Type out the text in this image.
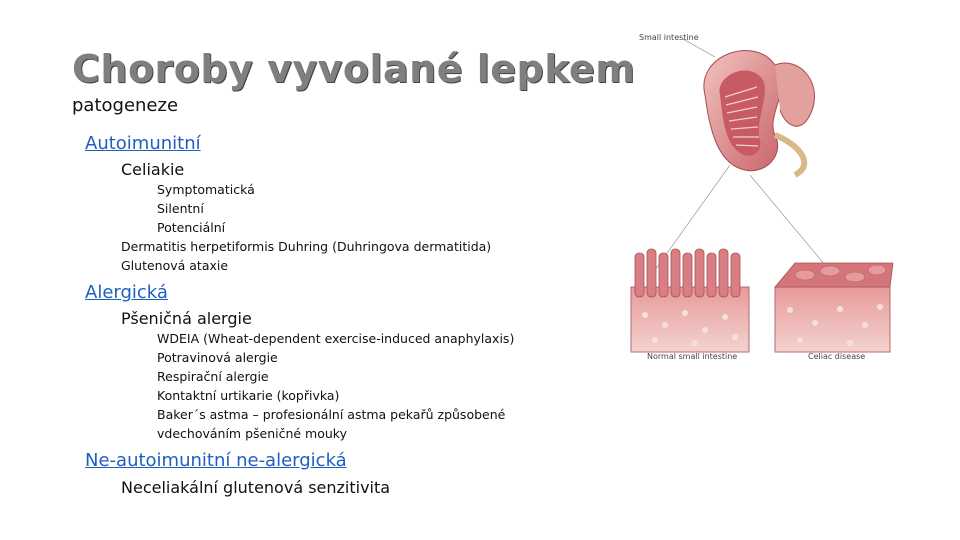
Choroby vyvolané lepkem
patogeneze
Autoimunitní
Celiakie
Symptomatická
Silentní
Potenciální
Dermatitis herpetiformis Duhring (Duhringova dermatitida)
Glutenová ataxie
Alergická
Pšeničná alergie
WDEIA (Wheat-dependent exercise-induced anaphylaxis)
Potravinová alergie
Respirační alergie
Kontaktní urtikarie (kopřivka)
Baker´s astma – profesionální astma pekařů způsobené
vdechováním pšeničné mouky
Ne-autoimunitní ne-alergická
Neceliakální glutenová senzitivita
Small intestine
Normal small intestine	Celiac disease
